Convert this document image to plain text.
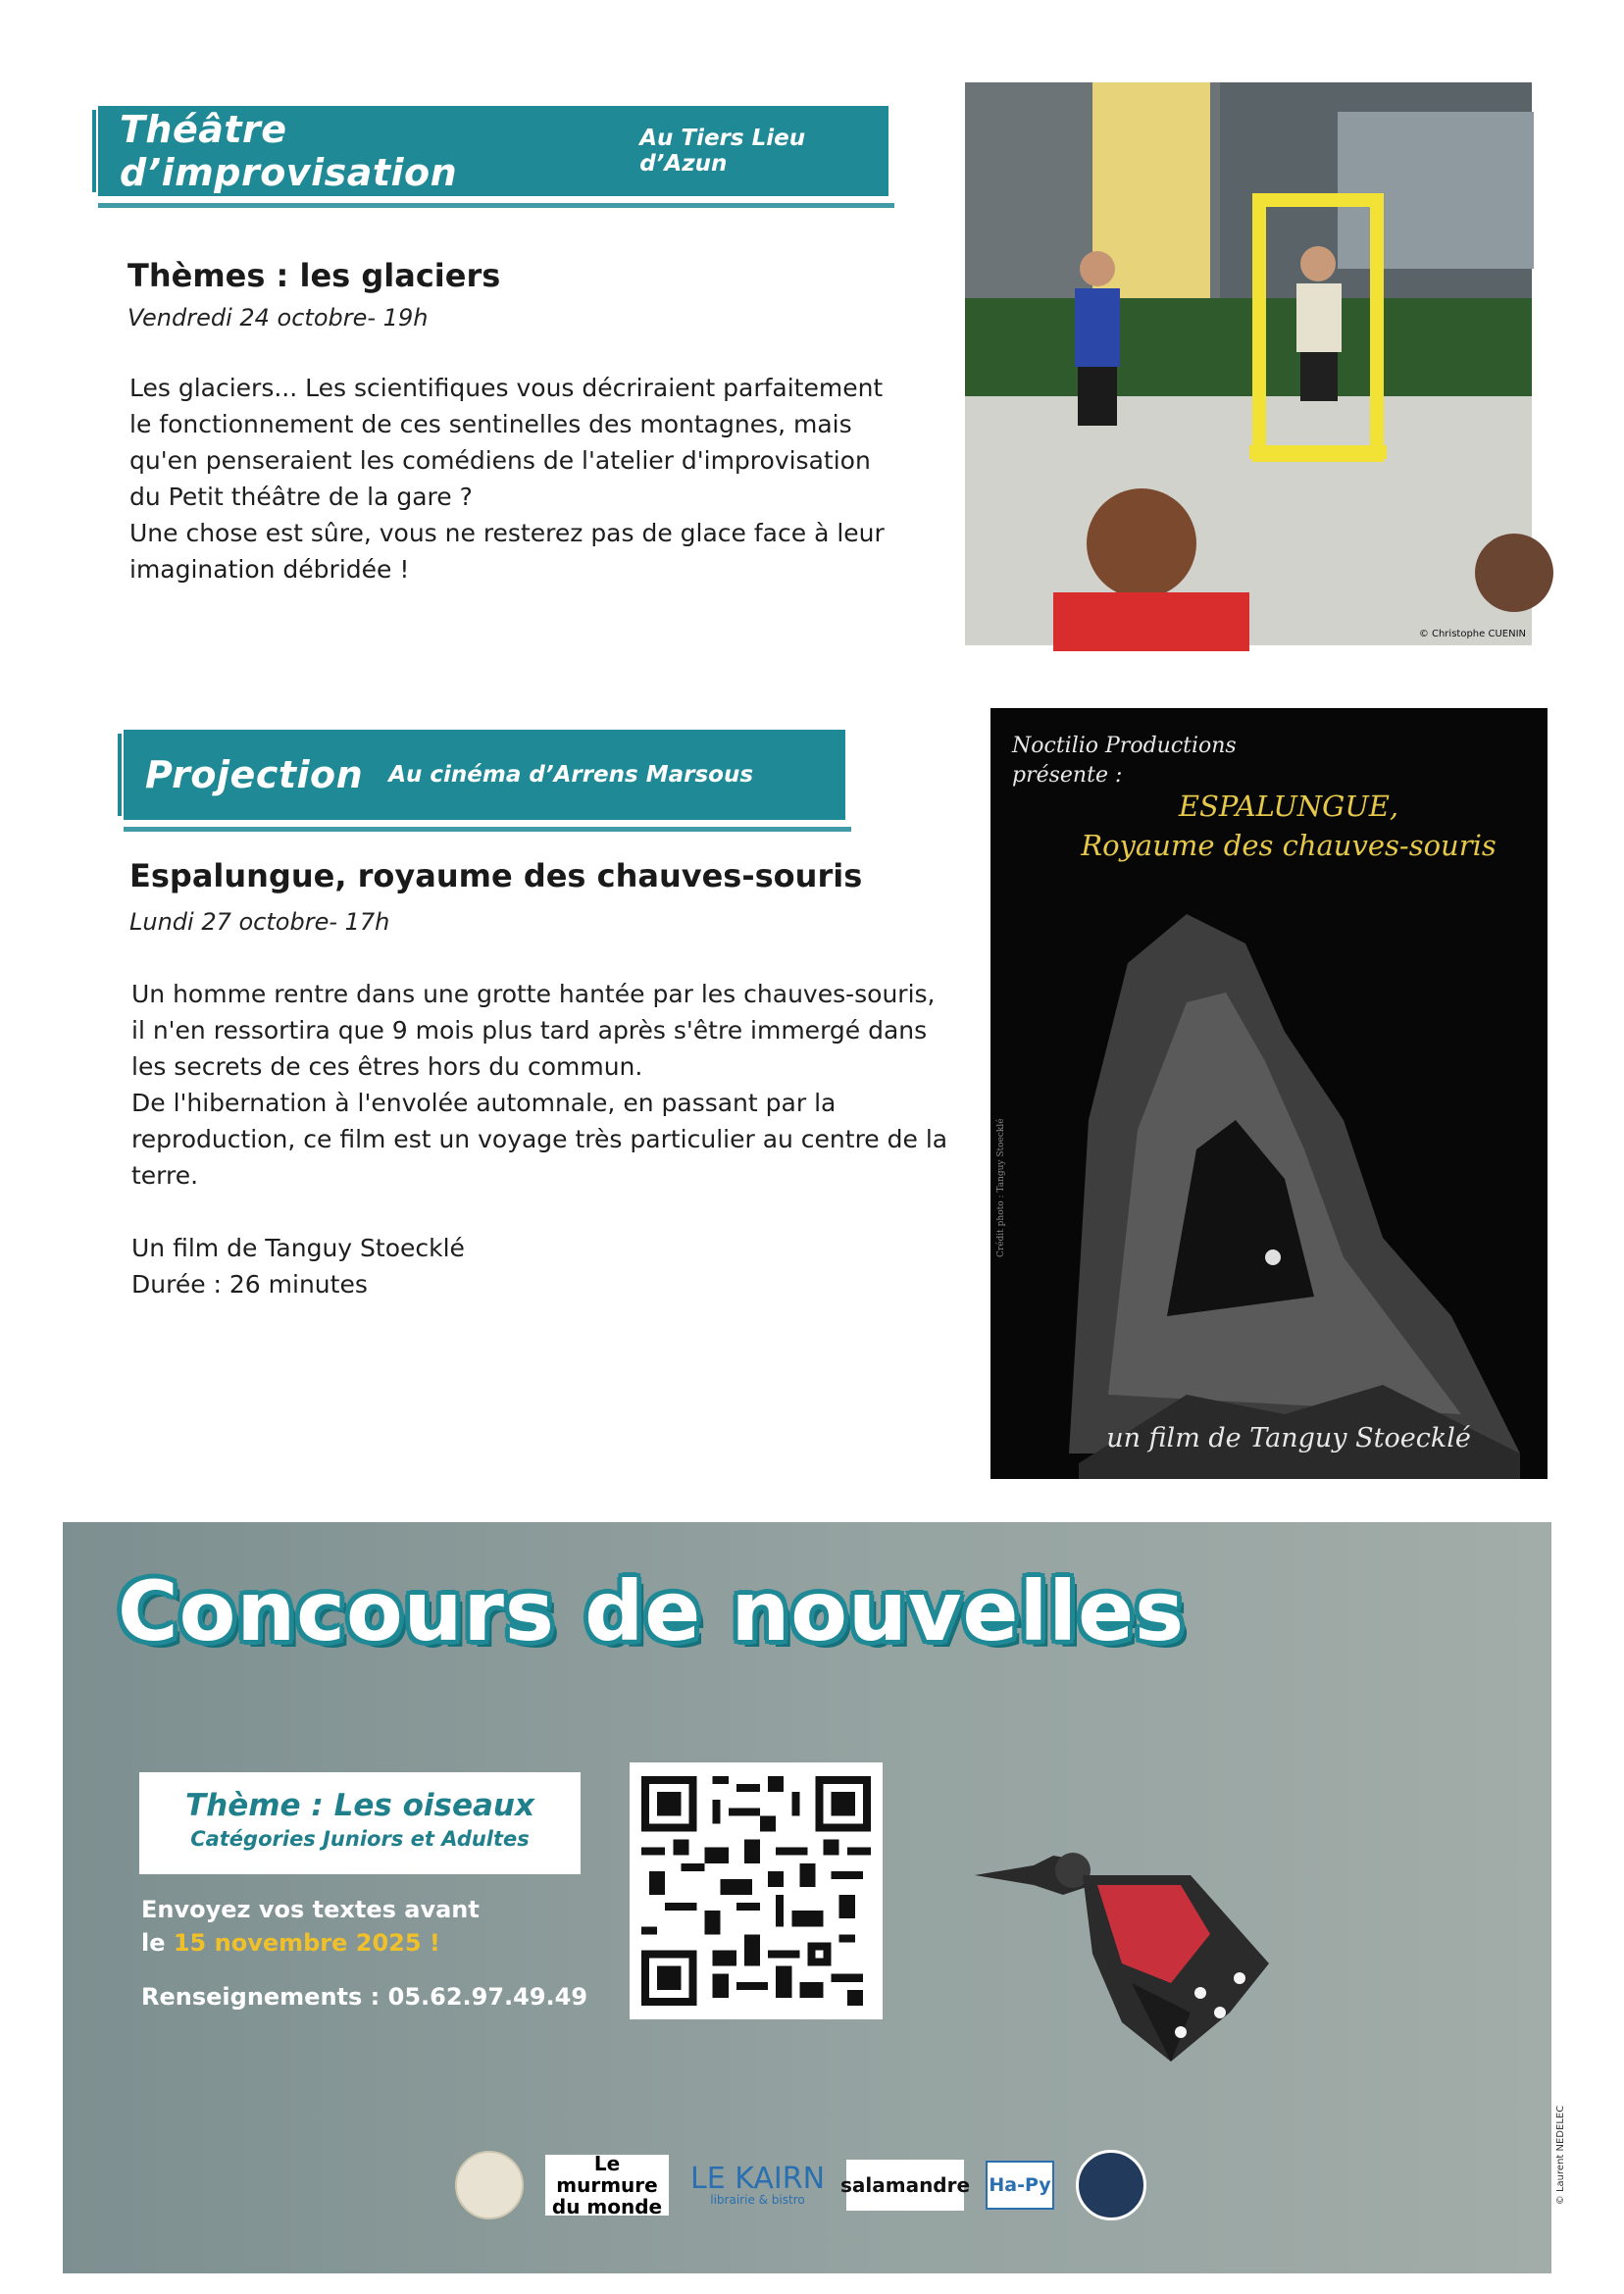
Théâtre d’improvisation
Au Tiers Lieu d’Azun
Thèmes : les glaciers
Vendredi 24 octobre- 19h

Les glaciers... Les scientifiques vous décriraient parfaitement le fonctionnement de ces sentinelles des montagnes, mais qu'en penseraient les comédiens de l'atelier d'improvisation du Petit théâtre de la gare ?

Une chose est sûre, vous ne resterez pas de glace face à leur imagination débridée !

© Christophe CUENIN
Projection Au cinéma d’Arrens Marsous
Espalungue, royaume des chauves-souris
Lundi 27 octobre- 17h

Un homme rentre dans une grotte hantée par les chauves-souris, il n'en ressortira que 9 mois plus tard après s'être immergé dans les secrets de ces êtres hors du commun.

De l'hibernation à l'envolée automnale, en passant par la reproduction, ce film est un voyage très particulier au centre de la terre.

Un film de Tanguy Stoecklé

Durée : 26 minutes

Noctilio Productions
présente :
ESPALUNGUE,
Royaume des chauves-souris
Crédit photo : Tanguy Stoecklé
un film de Tanguy Stoecklé
Concours de nouvelles
Thème : Les oiseaux
Catégories Juniors et Adultes
Envoyez vos textes avant
le 15 novembre 2025 !
Renseignements : 05.62.97.49.49
Le murmure du monde
LE KAIRN
librairie & bistro
salamandre Ha-Py	© Laurent NEDELEC
